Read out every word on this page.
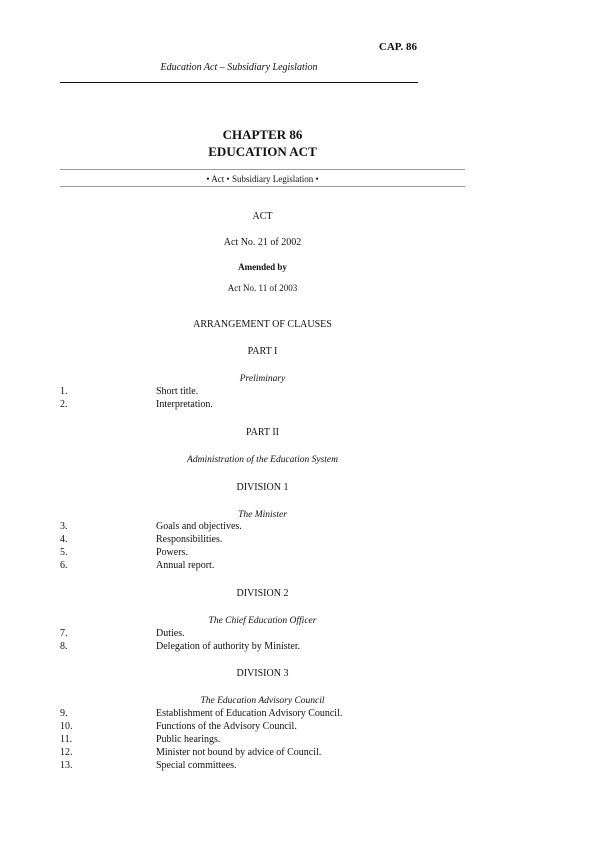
CAP. 86
Education Act – Subsidiary Legislation
CHAPTER 86
EDUCATION ACT
• Act • Subsidiary Legislation •
ACT
Act No. 21 of 2002
Amended by
Act No. 11 of 2003
ARRANGEMENT OF CLAUSES
PART I
Preliminary
1.	Short title.
2.	Interpretation.
PART II
Administration of the Education System
DIVISION 1
The Minister
3.	Goals and objectives.
4.	Responsibilities.
5.	Powers.
6.	Annual report.
DIVISION 2
The Chief Education Officer
7.	Duties.
8.	Delegation of authority by Minister.
DIVISION 3
The Education Advisory Council
9.	Establishment of Education Advisory Council.
10.	Functions of the Advisory Council.
11.	Public hearings.
12.	Minister not bound by advice of Council.
13.	Special committees.
